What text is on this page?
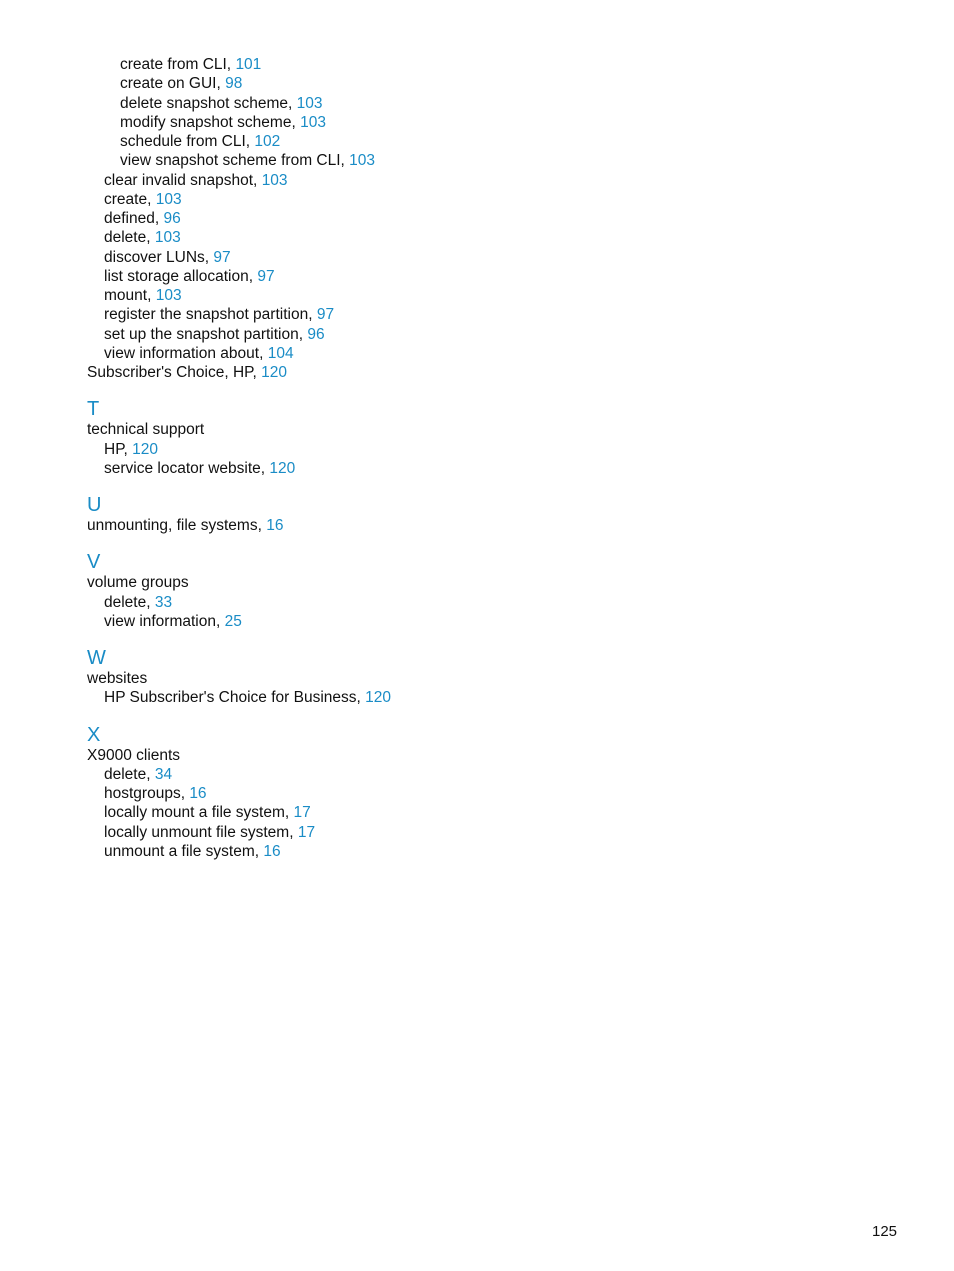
create from CLI, 101
create on GUI, 98
delete snapshot scheme, 103
modify snapshot scheme, 103
schedule from CLI, 102
view snapshot scheme from CLI, 103
clear invalid snapshot, 103
create, 103
defined, 96
delete, 103
discover LUNs, 97
list storage allocation, 97
mount, 103
register the snapshot partition, 97
set up the snapshot partition, 96
view information about, 104
Subscriber's Choice, HP, 120
T
technical support
HP, 120
service locator website, 120
U
unmounting, file systems, 16
V
volume groups
delete, 33
view information, 25
W
websites
HP Subscriber's Choice for Business, 120
X
X9000 clients
delete, 34
hostgroups, 16
locally mount a file system, 17
locally unmount file system, 17
unmount a file system, 16
125
